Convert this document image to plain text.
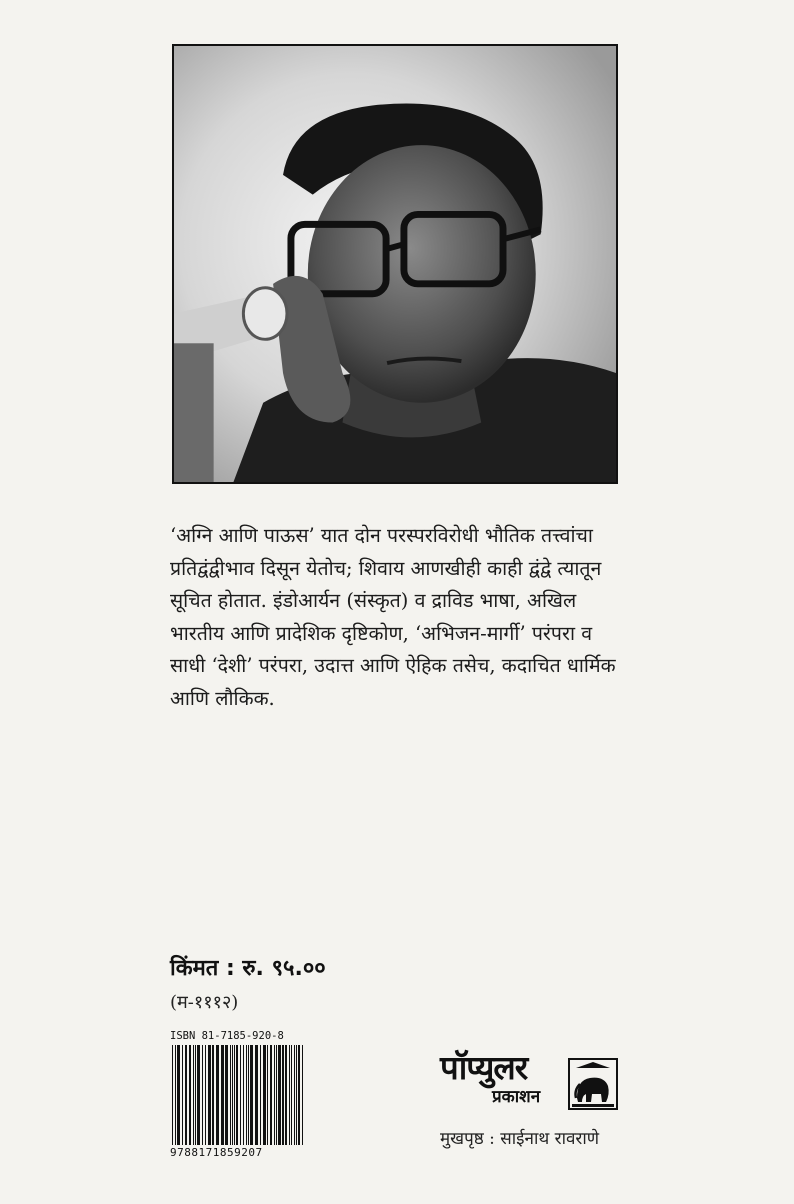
‘अग्नि आणि पाऊस’ यात दोन परस्परविरोधी भौतिक तत्त्वांचा

प्रतिद्वंद्वीभाव दिसून येतोच; शिवाय आणखीही काही द्वंद्वे त्यातून

सूचित होतात. इंडोआर्यन (संस्कृत) व द्राविड भाषा, अखिल

भारतीय आणि प्रादेशिक दृष्टिकोण, ‘अभिजन-मार्गी’ परंपरा व

साधी ‘देशी’ परंपरा, उदात्त आणि ऐहिक तसेच, कदाचित धार्मिक

आणि लौकिक.

किंमत : रु. ९५.००
(म-१११२)
ISBN 81-7185-920-8
9788171859207
पॉप्युलर
प्रकाशन
मुखपृष्ठ : साईनाथ रावराणे
